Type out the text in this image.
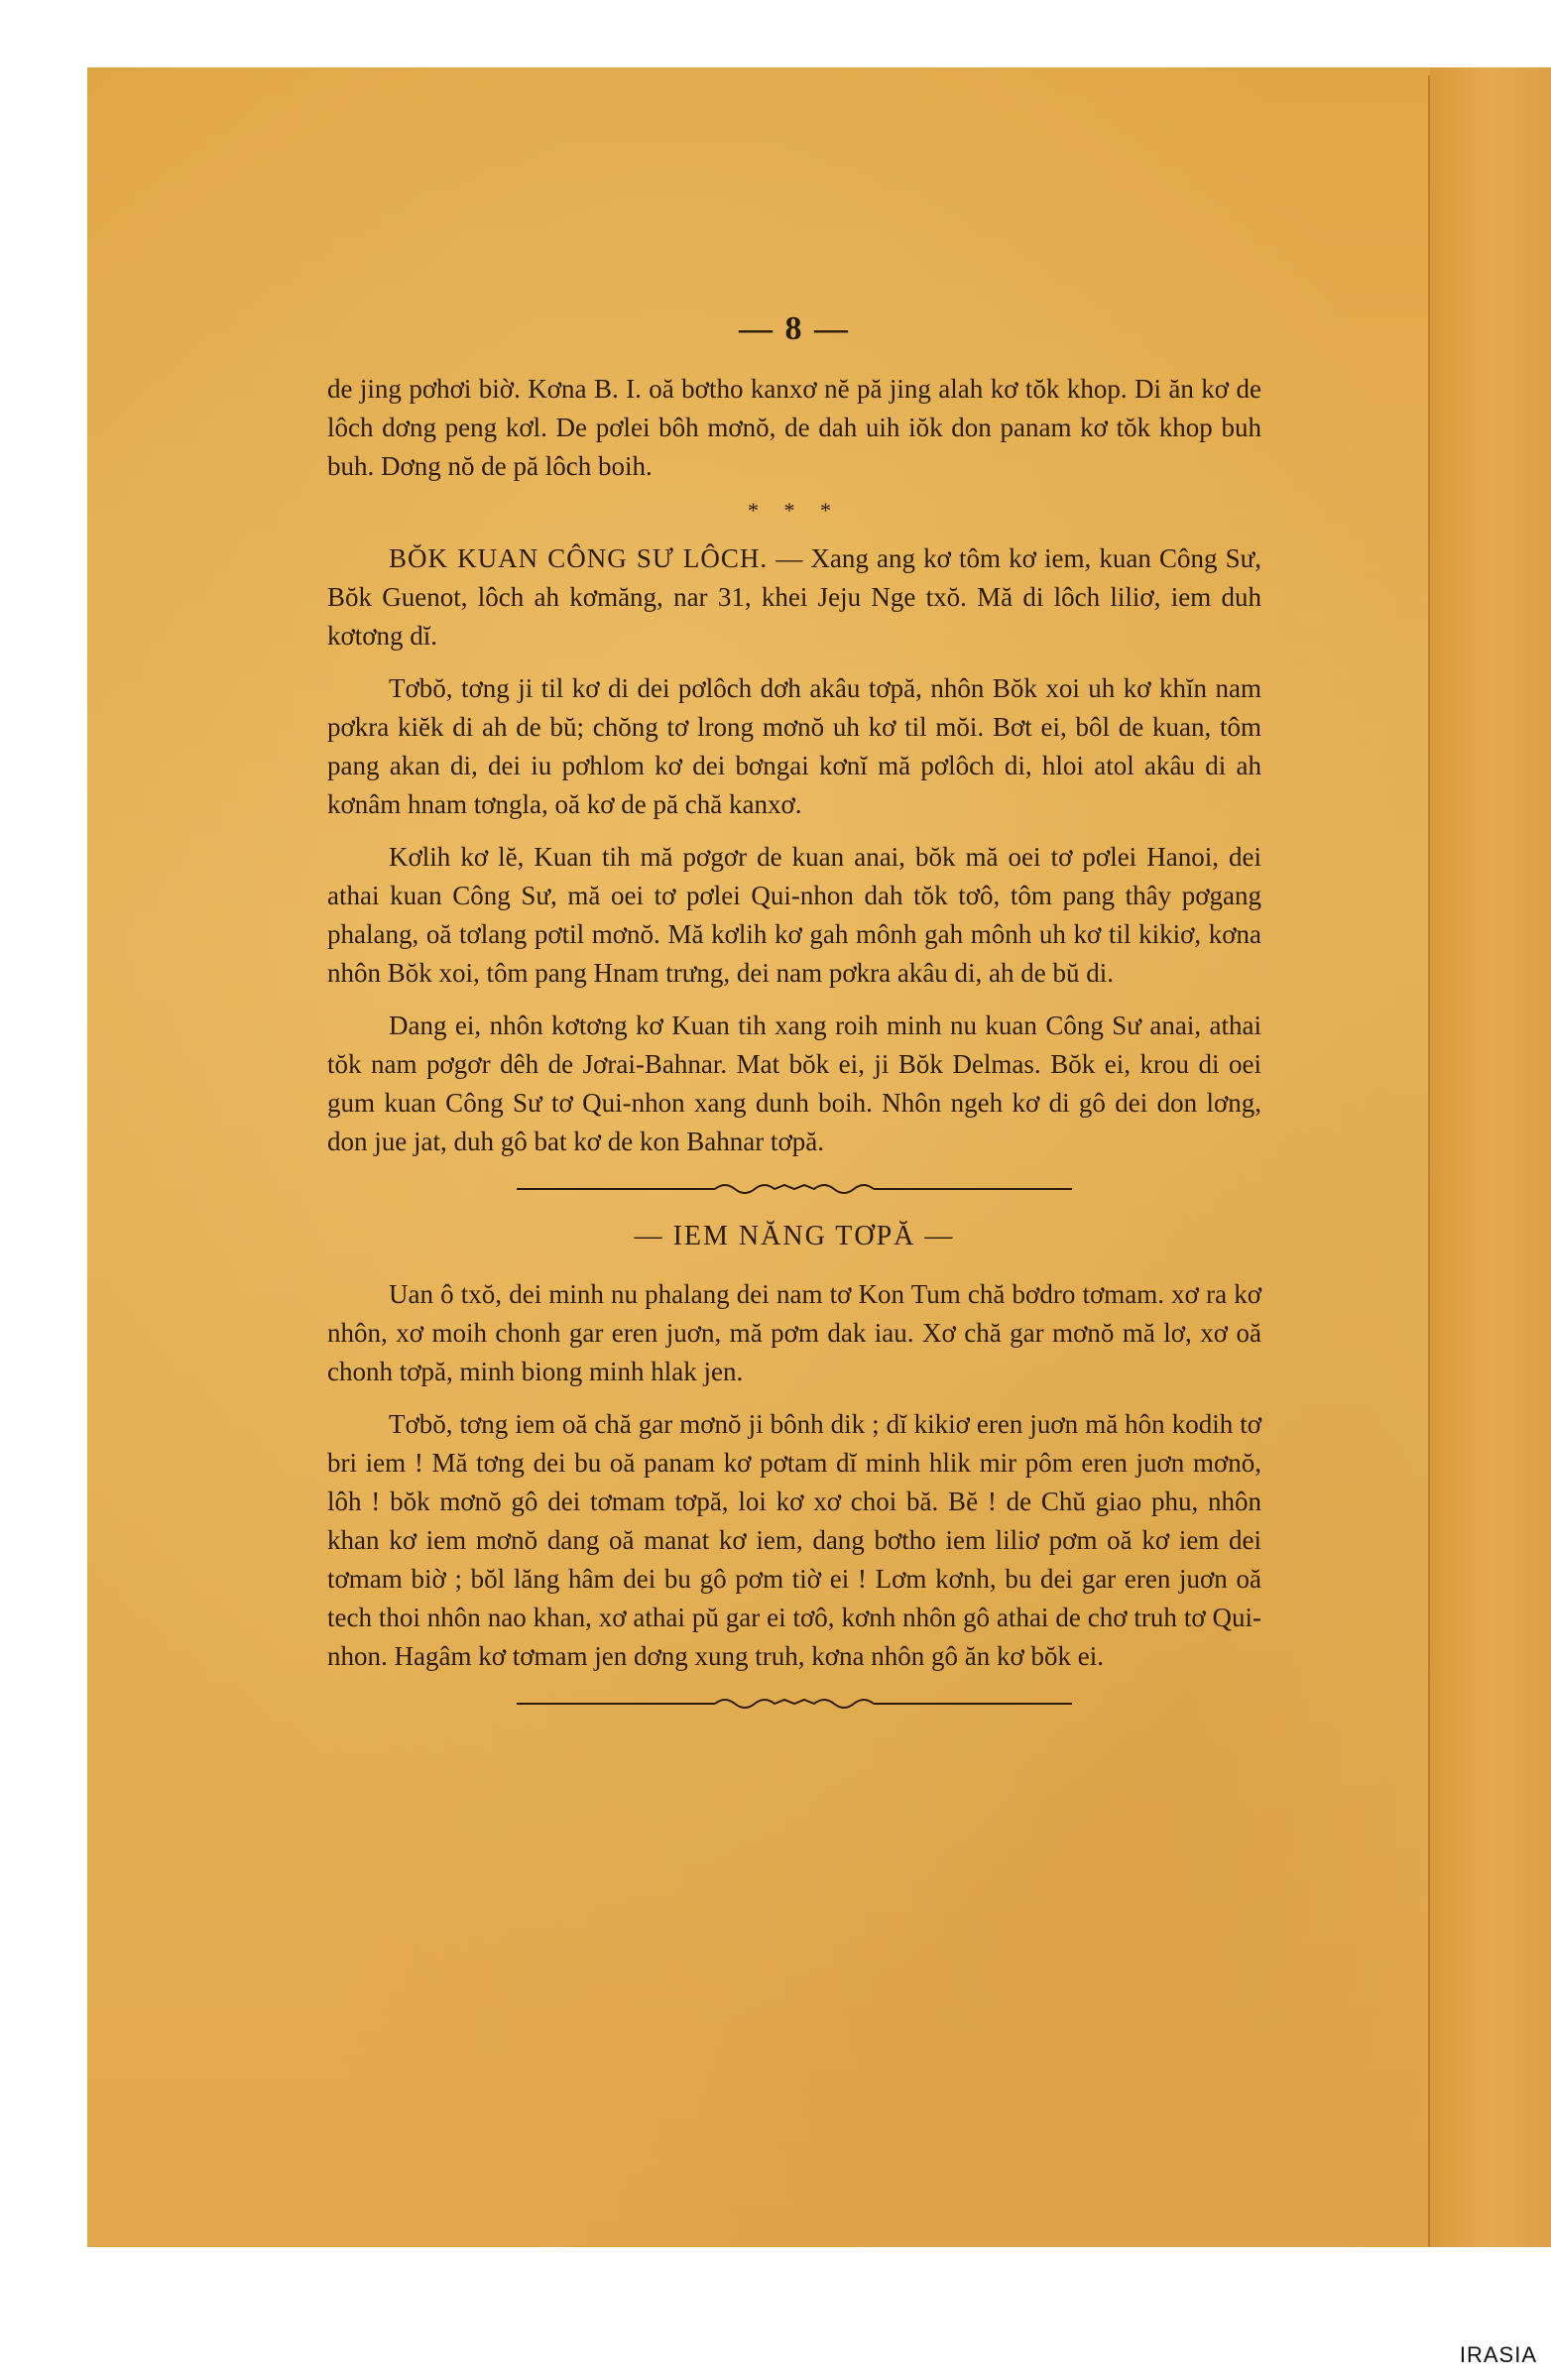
— 8 —

de jing pơhơi biờ. Kơna B. I. oă bơtho kanxơ nĕ pă jing alah kơ tŏk khop. Di ăn kơ de lôch dơng peng kơl. De pơlei bôh mơnŏ, de dah uih iŏk don panam kơ tŏk khop buh buh. Dơng nŏ de pă lôch boih.

* * *

BŎK KUAN CÔNG SƯ LÔCH. — Xang ang kơ tôm kơ iem, kuan Công Sư, Bŏk Guenot, lôch ah kơmăng, nar 31, khei Jeju Nge txŏ. Mă di lôch liliơ, iem duh kơtơng dĭ.

Tơbŏ, tơng ji til kơ di dei pơlôch dơh akâu tơpă, nhôn Bŏk xoi uh kơ khĭn nam pơkra kiĕk di ah de bŭ; chŏng tơ lrong mơnŏ uh kơ til mŏi. Bơt ei, bôl de kuan, tôm pang akan di, dei iu pơhlom kơ dei bơngai kơnĭ mă pơlôch di, hloi atol akâu di ah kơnâm hnam tơngla, oă kơ de pă chă kanxơ.

Kơlih kơ lĕ, Kuan tih mă pơgơr de kuan anai, bŏk mă oei tơ pơlei Hanoi, dei athai kuan Công Sư, mă oei tơ pơlei Qui-nhon dah tŏk tơô, tôm pang thây pơgang phalang, oă tơlang pơtil mơnŏ. Mă kơlih kơ gah mônh gah mônh uh kơ til kikiơ, kơna nhôn Bŏk xoi, tôm pang Hnam trưng, dei nam pơkra akâu di, ah de bŭ di.

Dang ei, nhôn kơtơng kơ Kuan tih xang roih minh nu kuan Công Sư anai, athai tŏk nam pơgơr dêh de Jơrai-Bahnar. Mat bŏk ei, ji Bŏk Delmas. Bŏk ei, krou di oei gum kuan Công Sư tơ Qui-nhon xang dunh boih. Nhôn ngeh kơ di gô dei don lơng, don jue jat, duh gô bat kơ de kon Bahnar tơpă.

— IEM NĂNG TƠPĂ —

Uan ô txŏ, dei minh nu phalang dei nam tơ Kon Tum chă bơdro tơmam. xơ ra kơ nhôn, xơ moih chonh gar eren juơn, mă pơm dak iau. Xơ chă gar mơnŏ mă lơ, xơ oă chonh tơpă, minh biong minh hlak jen.

Tơbŏ, tơng iem oă chă gar mơnŏ ji bônh dik ; dĭ kikiơ eren juơn mă hôn kodih tơ bri iem ! Mă tơng dei bu oă panam kơ pơtam dĭ minh hlik mir pôm eren juơn mơnŏ, lôh ! bŏk mơnŏ gô dei tơmam tơpă, loi kơ xơ choi bă. Bĕ ! de Chŭ giao phu, nhôn khan kơ iem mơnŏ dang oă manat kơ iem, dang bơtho iem liliơ pơm oă kơ iem dei tơmam biờ ; bŏl lăng hâm dei bu gô pơm tiờ ei ! Lơm kơnh, bu dei gar eren juơn oă tech thoi nhôn nao khan, xơ athai pŭ gar ei tơô, kơnh nhôn gô athai de chơ truh tơ Qui-nhon. Hagâm kơ tơmam jen dơng xung truh, kơna nhôn gô ăn kơ bŏk ei.

IRASIA
